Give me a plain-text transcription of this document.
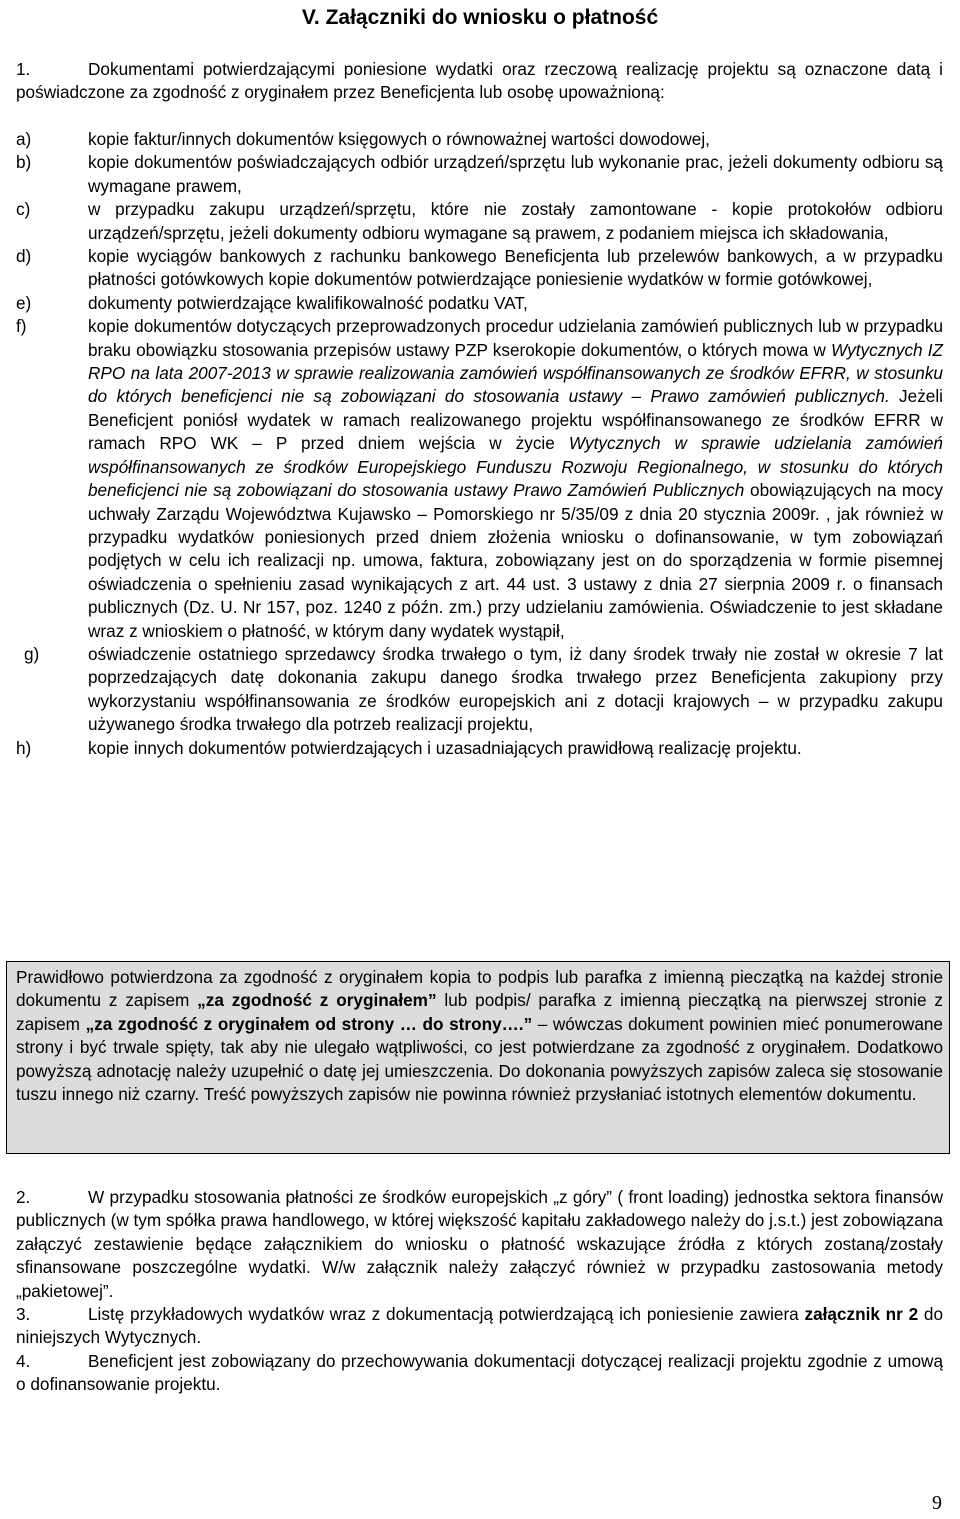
V. Załączniki do wniosku o płatność

1.	Dokumentami potwierdzającymi poniesione wydatki oraz rzeczową realizację projektu są oznaczone datą i poświadczone za zgodność z oryginałem przez Beneficjenta lub osobę upoważnioną:

a)	kopie faktur/innych dokumentów księgowych o równoważnej wartości dowodowej,
b)	kopie dokumentów poświadczających odbiór urządzeń/sprzętu lub wykonanie prac, jeżeli dokumenty odbioru są wymagane prawem,
c)	w przypadku zakupu urządzeń/sprzętu, które nie zostały zamontowane - kopie protokołów odbioru urządzeń/sprzętu, jeżeli dokumenty odbioru wymagane są prawem, z podaniem miejsca ich składowania,
d)	kopie wyciągów bankowych z rachunku bankowego Beneficjenta lub przelewów bankowych, a w przypadku płatności gotówkowych kopie dokumentów potwierdzające poniesienie wydatków w formie gotówkowej,
e)	dokumenty potwierdzające kwalifikowalność podatku VAT,
f)	kopie dokumentów dotyczących przeprowadzonych procedur udzielania zamówień publicznych lub w przypadku braku obowiązku stosowania przepisów ustawy PZP kserokopie dokumentów, o których mowa w Wytycznych IZ RPO na lata 2007-2013 w sprawie realizowania zamówień współfinansowanych ze środków EFRR, w stosunku do których beneficjenci nie są zobowiązani do stosowania ustawy – Prawo zamówień publicznych. Jeżeli Beneficjent poniósł wydatek w ramach realizowanego projektu współfinansowanego ze środków EFRR w ramach RPO WK – P przed dniem wejścia w życie Wytycznych w sprawie udzielania zamówień współfinansowanych ze środków Europejskiego Funduszu Rozwoju Regionalnego, w stosunku do których beneficjenci nie są zobowiązani do stosowania ustawy Prawo Zamówień Publicznych obowiązujących na mocy uchwały Zarządu Województwa Kujawsko – Pomorskiego nr 5/35/09 z dnia 20 stycznia 2009r. , jak również w przypadku wydatków poniesionych przed dniem złożenia wniosku o dofinansowanie, w tym zobowiązań podjętych w celu ich realizacji np. umowa, faktura, zobowiązany jest on do sporządzenia w formie pisemnej oświadczenia o spełnieniu zasad wynikających z art. 44 ust. 3 ustawy z dnia 27 sierpnia 2009 r. o finansach publicznych (Dz. U. Nr 157, poz. 1240 z późn. zm.) przy udzielaniu zamówienia. Oświadczenie to jest składane wraz z wnioskiem o płatność, w którym dany wydatek wystąpił,
g)	oświadczenie ostatniego sprzedawcy środka trwałego o tym, iż dany środek trwały nie został w okresie 7 lat poprzedzających datę dokonania zakupu danego środka trwałego przez Beneficjenta zakupiony przy wykorzystaniu współfinansowania ze środków europejskich ani z dotacji krajowych – w przypadku zakupu używanego środka trwałego dla potrzeb realizacji projektu,
h)	kopie innych dokumentów potwierdzających i uzasadniających prawidłową realizację projektu.

Prawidłowo potwierdzona za zgodność z oryginałem kopia to podpis lub parafka z imienną pieczątką na każdej stronie dokumentu z zapisem „za zgodność z oryginałem” lub podpis/ parafka z imienną pieczątką na pierwszej stronie z zapisem „za zgodność z oryginałem od strony … do strony….” – wówczas dokument powinien mieć ponumerowane strony i być trwale spięty, tak aby nie ulegało wątpliwości, co jest potwierdzane za zgodność z oryginałem. Dodatkowo powyższą adnotację należy uzupełnić o datę jej umieszczenia. Do dokonania powyższych zapisów zaleca się stosowanie tuszu innego niż czarny. Treść powyższych zapisów nie powinna również przysłaniać istotnych elementów dokumentu.

2.	W przypadku stosowania płatności ze środków europejskich „z góry” ( front loading) jednostka sektora finansów publicznych (w tym spółka prawa handlowego, w której większość kapitału zakładowego należy do j.s.t.) jest zobowiązana załączyć zestawienie będące załącznikiem do wniosku o płatność wskazujące źródła z których zostaną/zostały sfinansowane poszczególne wydatki. W/w załącznik należy załączyć również w przypadku zastosowania metody „pakietowej”.

3.	Listę przykładowych wydatków wraz z dokumentacją potwierdzającą ich poniesienie zawiera załącznik nr 2 do niniejszych Wytycznych.

4.	Beneficjent jest zobowiązany do przechowywania dokumentacji dotyczącej realizacji projektu zgodnie z umową o dofinansowanie projektu.

9
